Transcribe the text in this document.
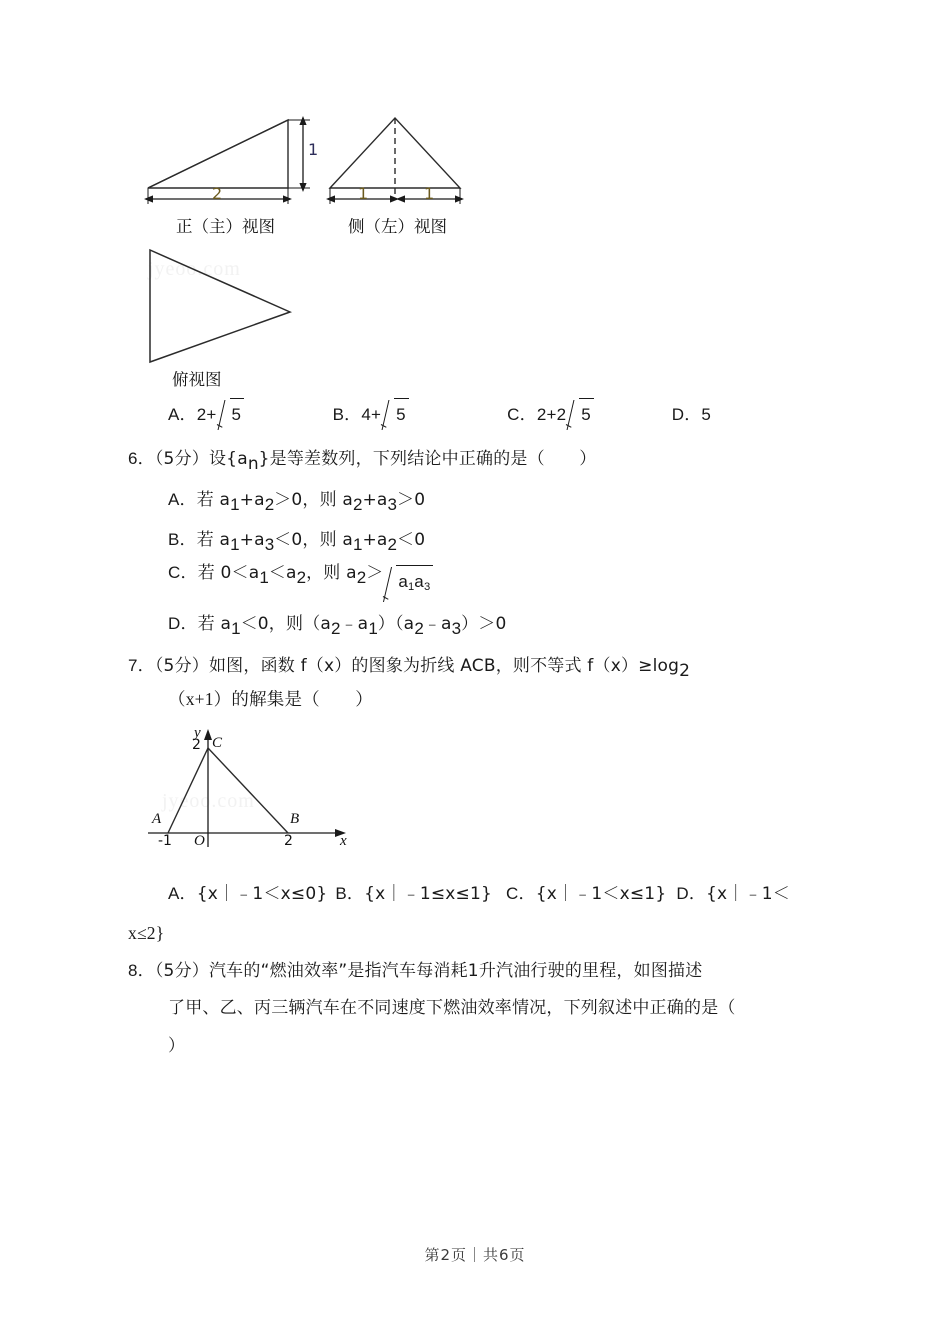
jyeoo.com
jyeoo.com
1
2
正（主）视图
1	1
侧（左）视图
俯视图
A．2+ 5	B．4+ 5	C．2+2 5	D．5
6．（5分）设$\{a_n\}$是等差数列，下列结论中正确的是（　　）
A．若 $a_1+a_2>0$，则 $a_2+a_3>0$
B．若 $a_1+a_3<0$，则 $a_1+a_2<0$
C．若 $0<a_1<a_2$，则 $a_2> a_1a_3$
D．若 $a_1<0$，则$(a_2﹣a_1)(a_2﹣a_3)>0$
7．（5分）如图，函数 f（x）的图象为折线 ACB，则不等式 $f(x)\ge\log_2$
（x+1）的解集是（　　）
y
x
C
2
A	B
-1 O	2
A．{x｜﹣1＜x≤0} B．{x｜﹣1≤x≤1} C．{x｜﹣1＜x≤1} D．{x｜﹣1＜
x≤2}
8．（5分）汽车的“燃油效率”是指汽车每消耗1升汽油行驶的里程，如图描述
了甲、乙、丙三辆汽车在不同速度下燃油效率情况，下列叙述中正确的是（
）
第2页｜共6页
